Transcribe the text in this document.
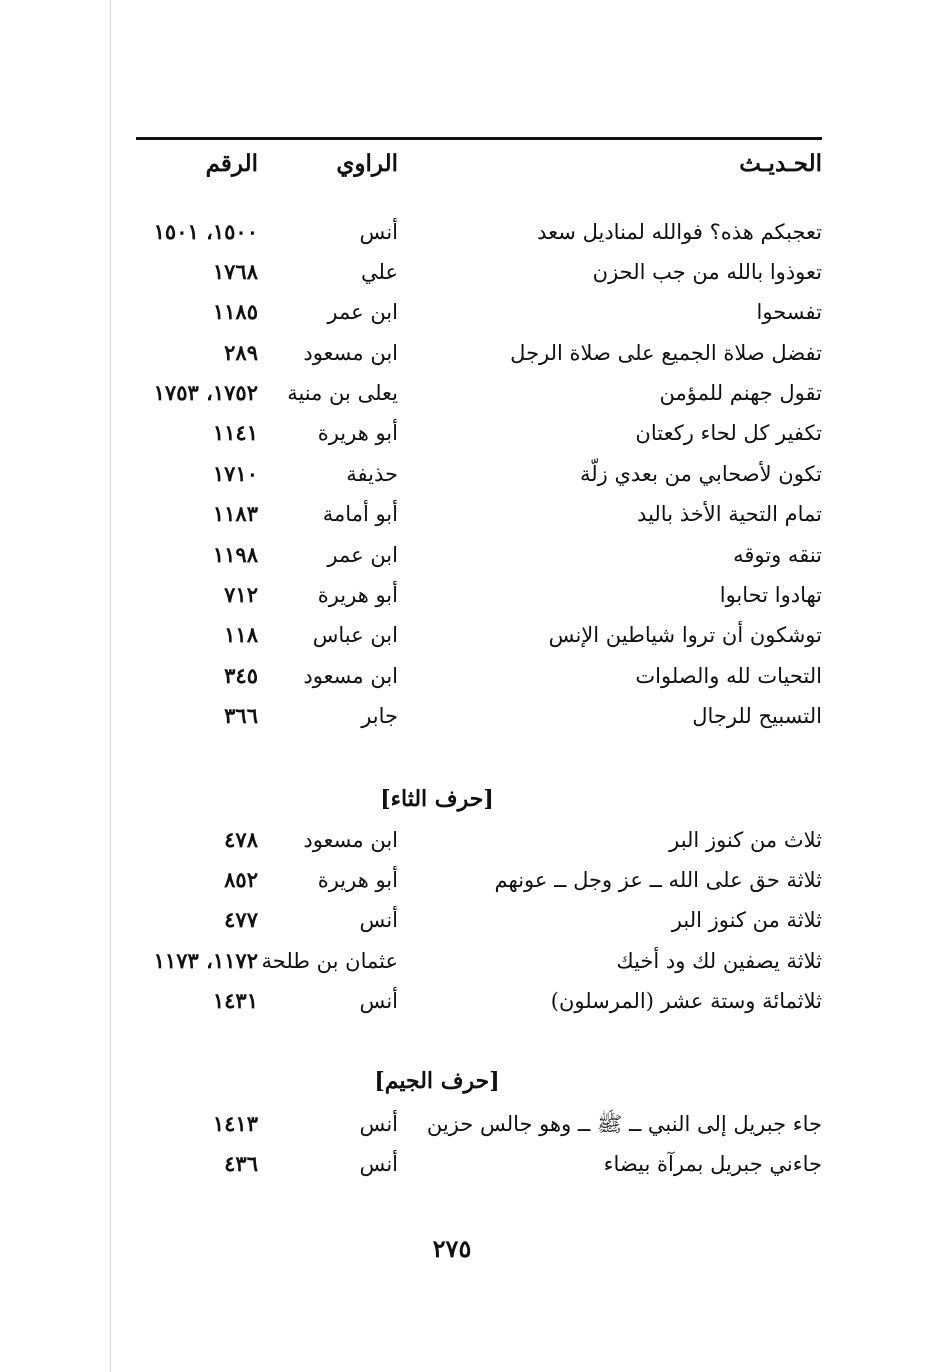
الحـديـث
الراوي
الرقم
تعجبكم هذه؟ فوالله لمناديل سعد
أنس
١٥٠٠، ١٥٠١
تعوذوا بالله من جب الحزن
علي
١٧٦٨
تفسحوا
ابن عمر
١١٨٥
تفضل صلاة الجميع على صلاة الرجل
ابن مسعود
٢٨٩
تقول جهنم للمؤمن
يعلى بن منية
١٧٥٢، ١٧٥٣
تكفير كل لحاء ركعتان
أبو هريرة
١١٤١
تكون لأصحابي من بعدي زلّة
حذيفة
١٧١٠
تمام التحية الأخذ باليد
أبو أمامة
١١٨٣
تنقه وتوقه
ابن عمر
١١٩٨
تهادوا تحابوا
أبو هريرة
٧١٢
توشكون أن تروا شياطين الإنس
ابن عباس
١١٨
التحيات لله والصلوات
ابن مسعود
٣٤٥
التسبيح للرجال
جابر
٣٦٦
[حرف الثاء]
ثلاث من كنوز البر
ابن مسعود
٤٧٨
ثلاثة حق على الله ــ عز وجل ــ عونهم
أبو هريرة
٨٥٢
ثلاثة من كنوز البر
أنس
٤٧٧
ثلاثة يصفين لك ود أخيك
عثمان بن طلحة
١١٧٢، ١١٧٣
ثلاثمائة وستة عشر (المرسلون)
أنس
١٤٣١
[حرف الجيم]
جاء جبريل إلى النبي ــ ﷺ ــ وهو جالس حزين
أنس
١٤١٣
جاءني جبريل بمرآة بيضاء
أنس
٤٣٦
٢٧٥
